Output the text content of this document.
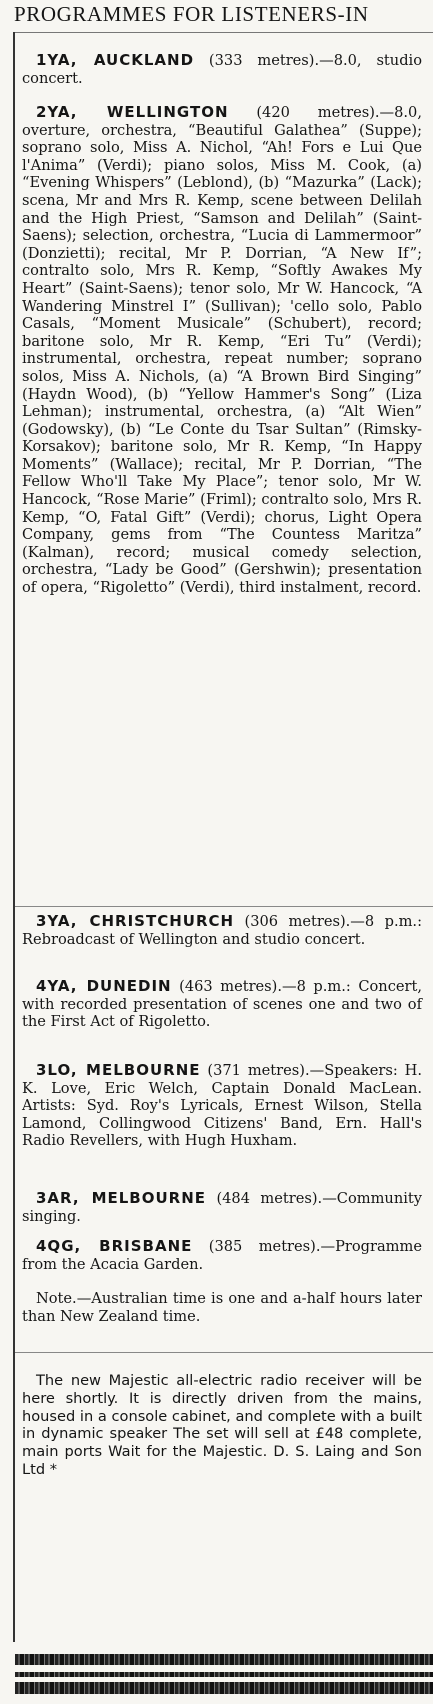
PROGRAMMES FOR LISTENERS-IN
1YA, AUCKLAND (333 metres).—8.0, studio concert.
2YA, WELLINGTON (420 metres).—8.0, overture, orchestra, “Beautiful Galathea” (Suppe); soprano solo, Miss A. Nichol, “Ah! Fors e Lui Que l'Anima” (Verdi); piano solos, Miss M. Cook, (a) “Evening Whispers” (Leblond), (b) “Mazurka” (Lack); scena, Mr and Mrs R. Kemp, scene between Delilah and the High Priest, “Samson and Delilah” (Saint-Saens); selection, orchestra, “Lucia di Lammermoor” (Donzietti); recital, Mr P. Dorrian, “A New If”; contralto solo, Mrs R. Kemp, “Softly Awakes My Heart” (Saint-Saens); tenor solo, Mr W. Hancock, “A Wandering Minstrel I” (Sullivan); 'cello solo, Pablo Casals, “Moment Musicale” (Schubert), record; baritone solo, Mr R. Kemp, “Eri Tu” (Verdi); instrumental, orchestra, repeat number; soprano solos, Miss A. Nichols, (a) “A Brown Bird Singing” (Haydn Wood), (b) “Yellow Hammer's Song” (Liza Lehman); instrumental, orchestra, (a) “Alt Wien” (Godowsky), (b) “Le Conte du Tsar Sultan” (Rimsky-Korsakov); baritone solo, Mr R. Kemp, “In Happy Moments” (Wallace); recital, Mr P. Dorrian, “The Fellow Who'll Take My Place”; tenor solo, Mr W. Hancock, “Rose Marie” (Friml); contralto solo, Mrs R. Kemp, “O, Fatal Gift” (Verdi); chorus, Light Opera Company, gems from “The Countess Maritza” (Kalman), record; musical comedy selection, orchestra, “Lady be Good” (Gershwin); presentation of opera, “Rigoletto” (Verdi), third instalment, record.
3YA, CHRISTCHURCH (306 metres).—8 p.m.: Rebroadcast of Wellington and studio concert.
4YA, DUNEDIN (463 metres).—8 p.m.: Concert, with recorded presentation of scenes one and two of the First Act of Rigoletto.
3LO, MELBOURNE (371 metres).—Speakers: H. K. Love, Eric Welch, Captain Donald MacLean. Artists: Syd. Roy's Lyricals, Ernest Wilson, Stella Lamond, Collingwood Citizens' Band, Ern. Hall's Radio Revellers, with Hugh Huxham.
3AR, MELBOURNE (484 metres).—Community singing.
4QG, BRISBANE (385 metres).—Programme from the Acacia Garden.
Note.—Australian time is one and a-half hours later than New Zealand time.
The new Majestic all-electric radio receiver will be here shortly. It is directly driven from the mains, housed in a console cabinet, and complete with a built in dynamic speaker The set will sell at £48 complete, main ports Wait for the Majestic. D. S. Laing and Son Ltd *
